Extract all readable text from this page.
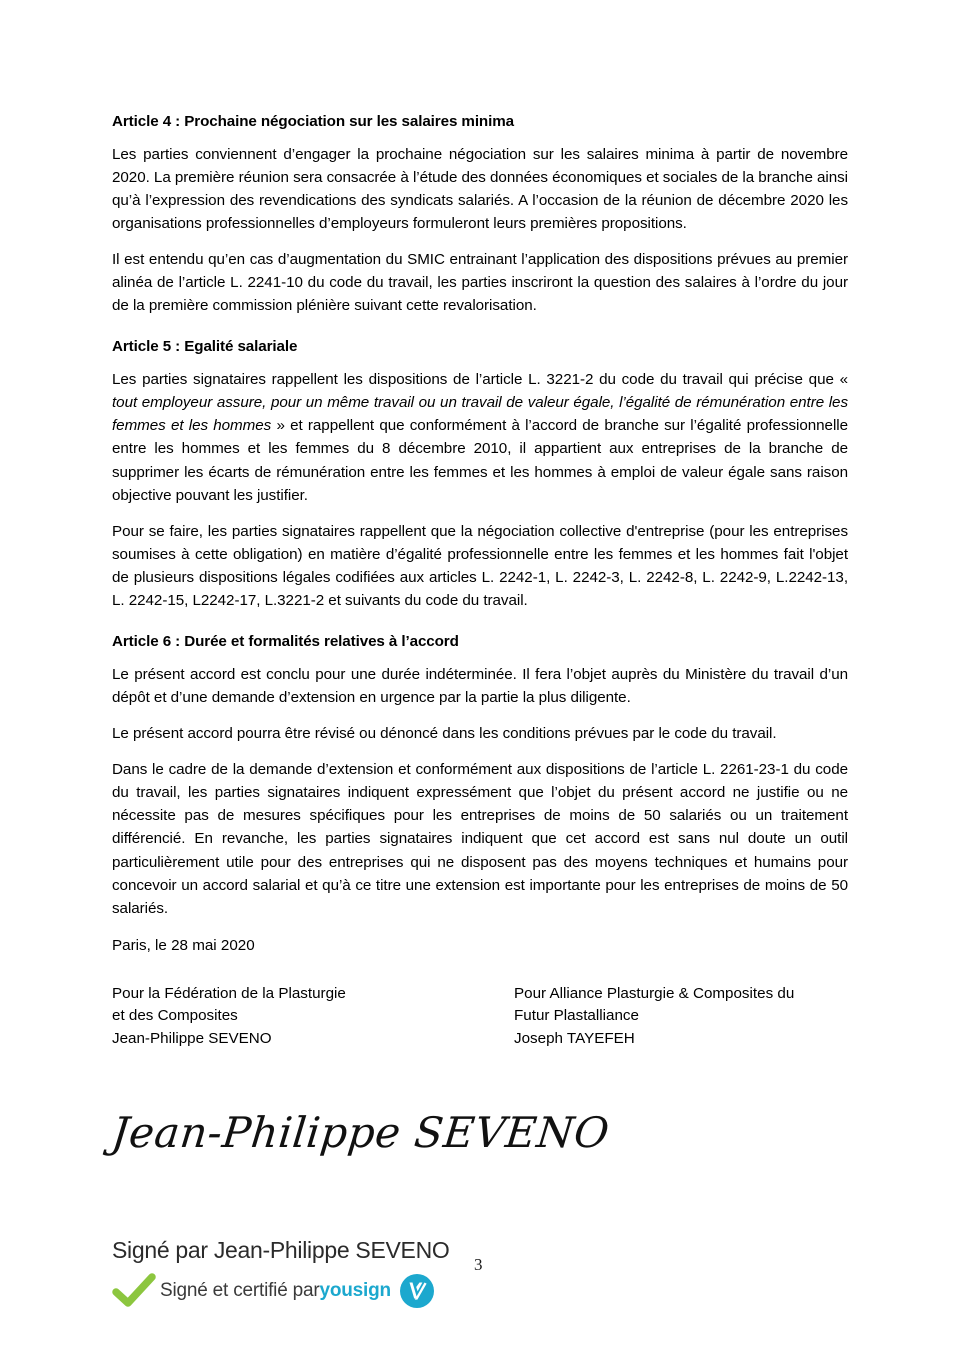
Article 4 : Prochaine négociation sur les salaires minima

Les parties conviennent d’engager la prochaine négociation sur les salaires minima à partir de novembre 2020. La première réunion sera consacrée à l’étude des données économiques et sociales de la branche ainsi qu’à l’expression des revendications des syndicats salariés. A l’occasion de la réunion de décembre 2020 les organisations professionnelles d’employeurs formuleront leurs premières propositions.

Il est entendu qu’en cas d’augmentation du SMIC entrainant l’application des dispositions prévues au premier alinéa de l’article L. 2241-10 du code du travail, les parties inscriront la question des salaires à l’ordre du jour de la première commission plénière suivant cette revalorisation.

Article 5 : Egalité salariale

Les parties signataires rappellent les dispositions de l’article L. 3221-2 du code du travail qui précise que « tout employeur assure, pour un même travail ou un travail de valeur égale, l’égalité de rémunération entre les femmes et les hommes » et rappellent que conformément à l’accord de branche sur l’égalité professionnelle entre les hommes et les femmes du 8 décembre 2010, il appartient aux entreprises de la branche de supprimer les écarts de rémunération entre les femmes et les hommes à emploi de valeur égale sans raison objective pouvant les justifier.

Pour se faire, les parties signataires rappellent que la négociation collective d'entreprise (pour les entreprises soumises à cette obligation) en matière d’égalité professionnelle entre les femmes et les hommes fait l'objet de plusieurs dispositions légales codifiées aux articles L. 2242-1, L. 2242-3, L. 2242-8, L. 2242-9, L.2242-13, L. 2242-15, L2242-17, L.3221-2 et suivants du code du travail.

Article 6 : Durée et formalités relatives à l’accord

Le présent accord est conclu pour une durée indéterminée. Il fera l’objet auprès du Ministère du travail d’un dépôt et d’une demande d’extension en urgence par la partie la plus diligente.

Le présent accord pourra être révisé ou dénoncé dans les conditions prévues par le code du travail.

Dans le cadre de la demande d’extension et conformément aux dispositions de l’article L. 2261-23-1 du code du travail, les parties signataires indiquent expressément que l’objet du présent accord ne justifie ou ne nécessite pas de mesures spécifiques pour les entreprises de moins de 50 salariés ou un traitement différencié. En revanche, les parties signataires indiquent que cet accord est sans nul doute un outil particulièrement utile pour des entreprises qui ne disposent pas des moyens techniques et humains pour concevoir un accord salarial et qu’à ce titre une extension est importante pour les entreprises de moins de 50 salariés.

Paris, le 28 mai 2020
Pour la Fédération de la Plasturgie
et des Composites
Jean-Philippe SEVENO
Pour Alliance Plasturgie & Composites du
Futur Plastalliance
Joseph TAYEFEH
Jean-Philippe SEVENO
Signé par Jean-Philippe SEVENO
Signé et certifié par yousign
3
